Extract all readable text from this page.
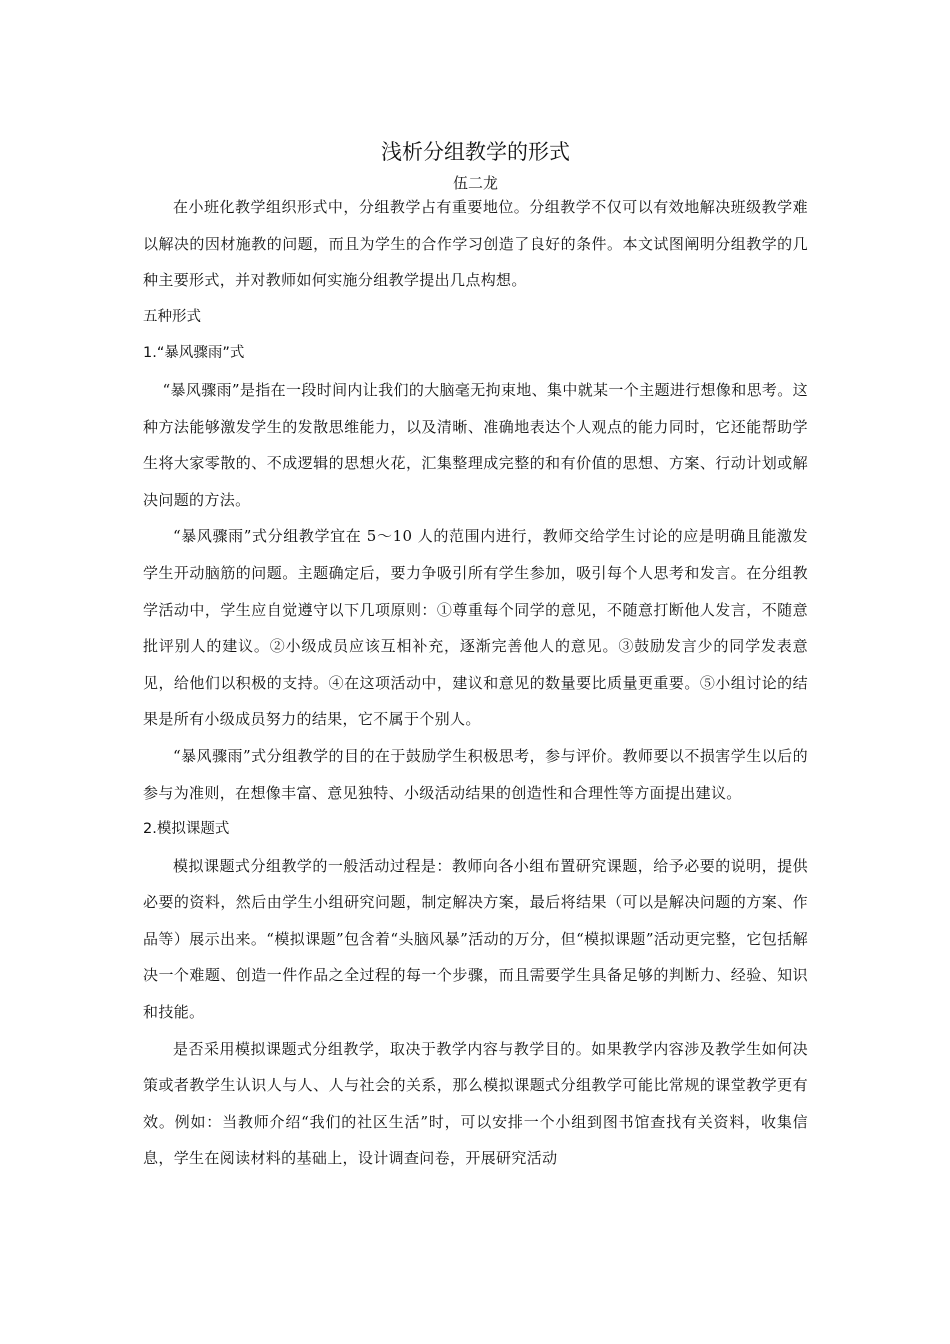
浅析分组教学的形式

伍二龙

在小班化教学组织形式中，分组教学占有重要地位。分组教学不仅可以有效地解决班级教学难以解决的因材施教的问题，而且为学生的合作学习创造了良好的条件。本文试图阐明分组教学的几种主要形式，并对教师如何实施分组教学提出几点构想。

五种形式

1.“暴风骤雨”式

“暴风骤雨”是指在一段时间内让我们的大脑毫无拘束地、集中就某一个主题进行想像和思考。这种方法能够激发学生的发散思维能力，以及清晰、准确地表达个人观点的能力同时，它还能帮助学生将大家零散的、不成逻辑的思想火花，汇集整理成完整的和有价值的思想、方案、行动计划或解决问题的方法。

“暴风骤雨”式分组教学宜在 5～10 人的范围内进行，教师交给学生讨论的应是明确且能激发学生开动脑筋的问题。主题确定后，要力争吸引所有学生参加，吸引每个人思考和发言。在分组教学活动中，学生应自觉遵守以下几项原则：①尊重每个同学的意见，不随意打断他人发言，不随意批评别人的建议。②小级成员应该互相补充，逐渐完善他人的意见。③鼓励发言少的同学发表意见，给他们以积极的支持。④在这项活动中，建议和意见的数量要比质量更重要。⑤小组讨论的结果是所有小级成员努力的结果，它不属于个别人。

“暴风骤雨”式分组教学的目的在于鼓励学生积极思考，参与评价。教师要以不损害学生以后的参与为准则，在想像丰富、意见独特、小级活动结果的创造性和合理性等方面提出建议。

2.模拟课题式

模拟课题式分组教学的一般活动过程是：教师向各小组布置研究课题，给予必要的说明，提供必要的资料，然后由学生小组研究问题，制定解决方案，最后将结果（可以是解决问题的方案、作品等）展示出来。“模拟课题”包含着“头脑风暴”活动的万分，但“模拟课题”活动更完整，它包括解决一个难题、创造一件作品之全过程的每一个步骤，而且需要学生具备足够的判断力、经验、知识和技能。

是否采用模拟课题式分组教学，取决于教学内容与教学目的。如果教学内容涉及教学生如何决策或者教学生认识人与人、人与社会的关系，那么模拟课题式分组教学可能比常规的课堂教学更有效。例如：当教师介绍“我们的社区生活”时，可以安排一个小组到图书馆查找有关资料，收集信息，学生在阅读材料的基础上，设计调查问卷，开展研究活动
